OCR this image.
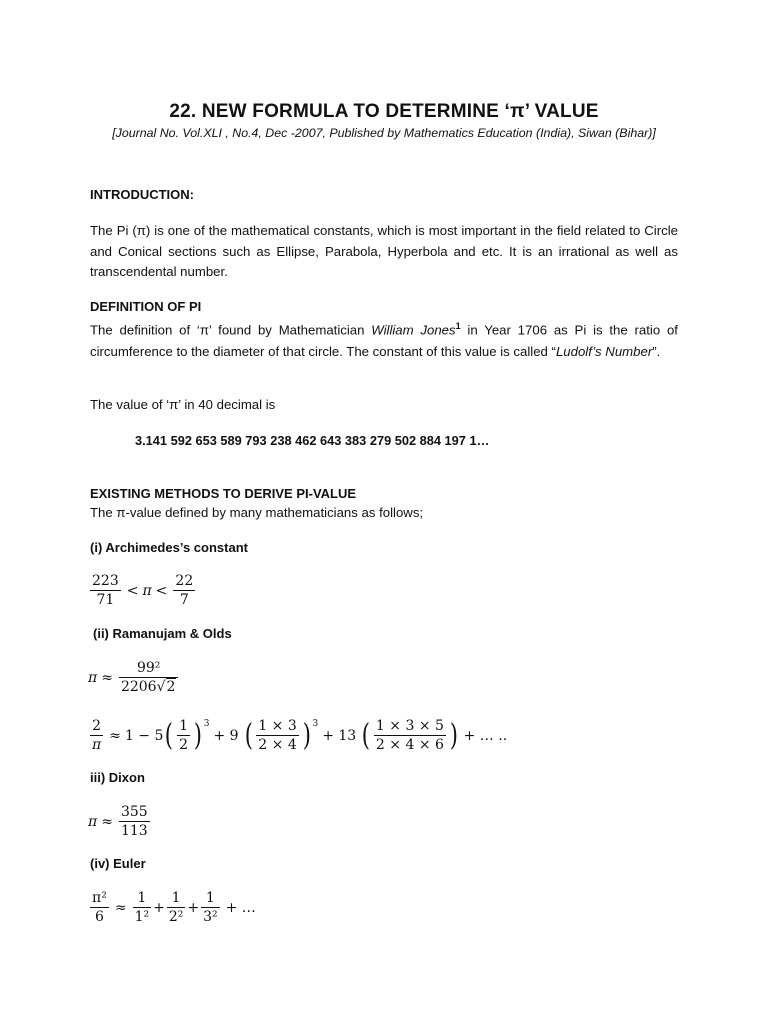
22. NEW FORMULA TO DETERMINE ‘π’ VALUE
[Journal No. Vol.XLI , No.4, Dec -2007, Published by Mathematics Education (India), Siwan (Bihar)]
INTRODUCTION:
The Pi (π) is one of the mathematical constants, which is most important in the field related to Circle and Conical sections such as Ellipse, Parabola, Hyperbola and etc. It is an irrational as well as transcendental number.
DEFINITION OF PI
The definition of ‘π’ found by Mathematician William Jones$^1$ in Year 1706 as Pi is the ratio of circumference to the diameter of that circle. The constant of this value is called “Ludolf’s Number”.
The value of ‘π’ in 40 decimal is
3.141 592 653 589 793 238 462 643 383 279 502 884 197 1…
EXISTING METHODS TO DERIVE PI-VALUE
The π-value defined by many mathematicians as follows;
(i) Archimedes’s constant
$\frac{223}{71} < \pi < \frac{22}{7}$
(ii) Ramanujam & Olds
$\pi \approx \frac{\text{99²}}{2206√2}$
$\frac{2}{\pi} \approx 1 - 5$ ( $\frac{1}{2} )^3$
+ 9 ( $\frac{1 \times 3}{2 \times 4} )^3$
+ 13 ( $\frac{1 \times 3 \times 5}{2 \times 4 \times 6}$ ) + … ..
iii) Dixon
$\pi \approx \frac{355}{113}$
(iv) Euler
$\frac{\text{π²}}{6} \approx \frac{1}{\text{1²}} + \frac{1}{\text{2²}} + \frac{1}{\text{3²}}$ + …
